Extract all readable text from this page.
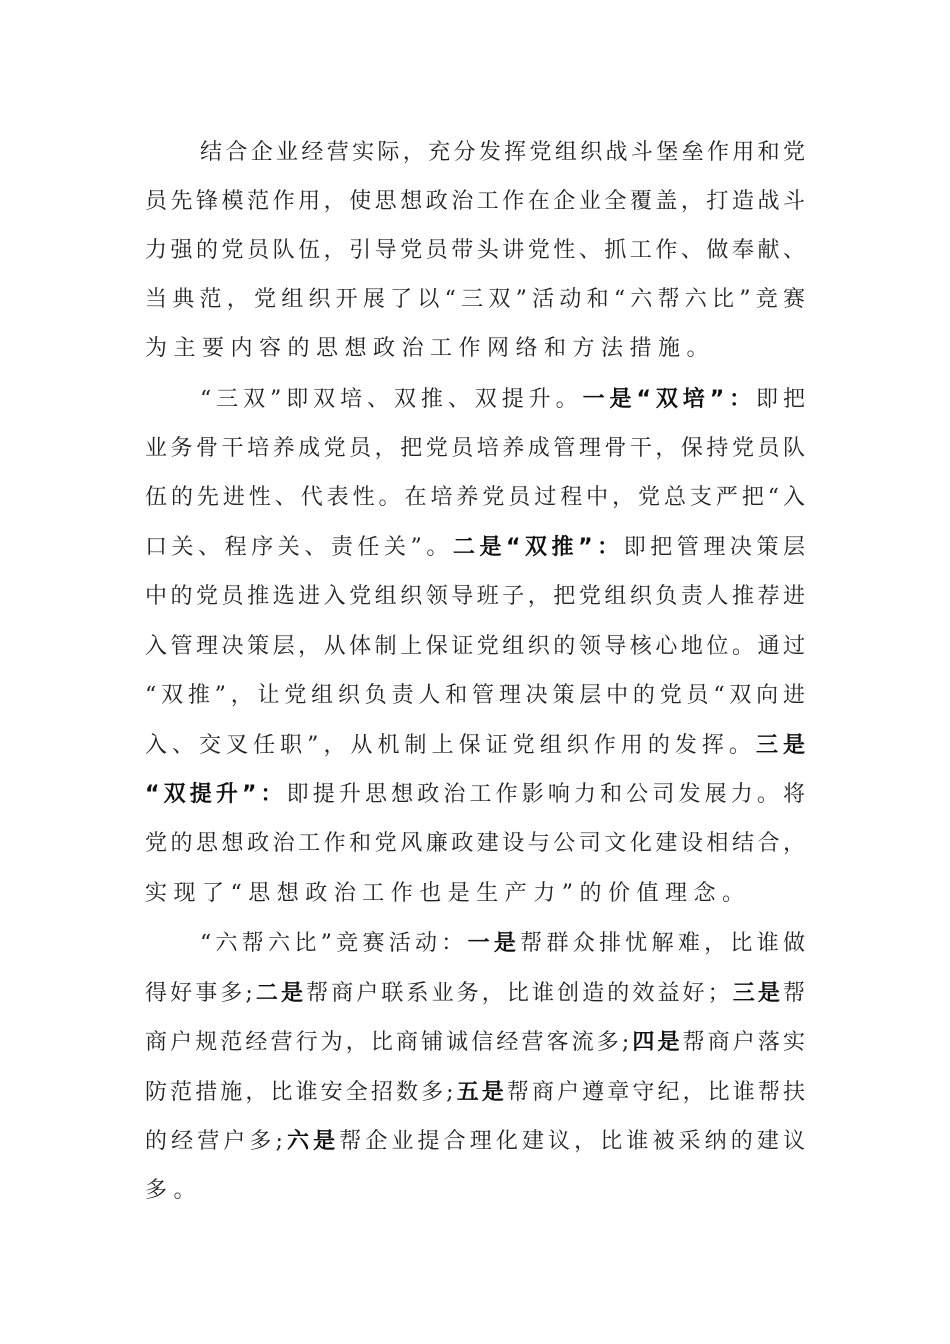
结合企业经营实际，充分发挥党组织战斗堡垒作用和党
员先锋模范作用，使思想政治工作在企业全覆盖，打造战斗
力强的党员队伍，引导党员带头讲党性、抓工作、做奉献、
当典范，党组织开展了以“三双”活动和“六帮六比”竞赛
为主要内容的思想政治工作网络和方法措施。
“三双”即双培、双推、双提升。一是“双培”：即把
业务骨干培养成党员，把党员培养成管理骨干，保持党员队
伍的先进性、代表性。在培养党员过程中，党总支严把“入
口关、程序关、责任关”。二是“双推”：即把管理决策层
中的党员推选进入党组织领导班子，把党组织负责人推荐进
入管理决策层，从体制上保证党组织的领导核心地位。通过
“双推”，让党组织负责人和管理决策层中的党员“双向进
入、交叉任职”，从机制上保证党组织作用的发挥。三是
“双提升”：即提升思想政治工作影响力和公司发展力。将
党的思想政治工作和党风廉政建设与公司文化建设相结合，
实现了“思想政治工作也是生产力”的价值理念。
“六帮六比”竞赛活动：一是帮群众排忧解难，比谁做
得好事多;二是帮商户联系业务，比谁创造的效益好；三是帮
商户规范经营行为，比商铺诚信经营客流多;四是帮商户落实
防范措施，比谁安全招数多;五是帮商户遵章守纪，比谁帮扶
的经营户多;六是帮企业提合理化建议，比谁被采纳的建议
多。
